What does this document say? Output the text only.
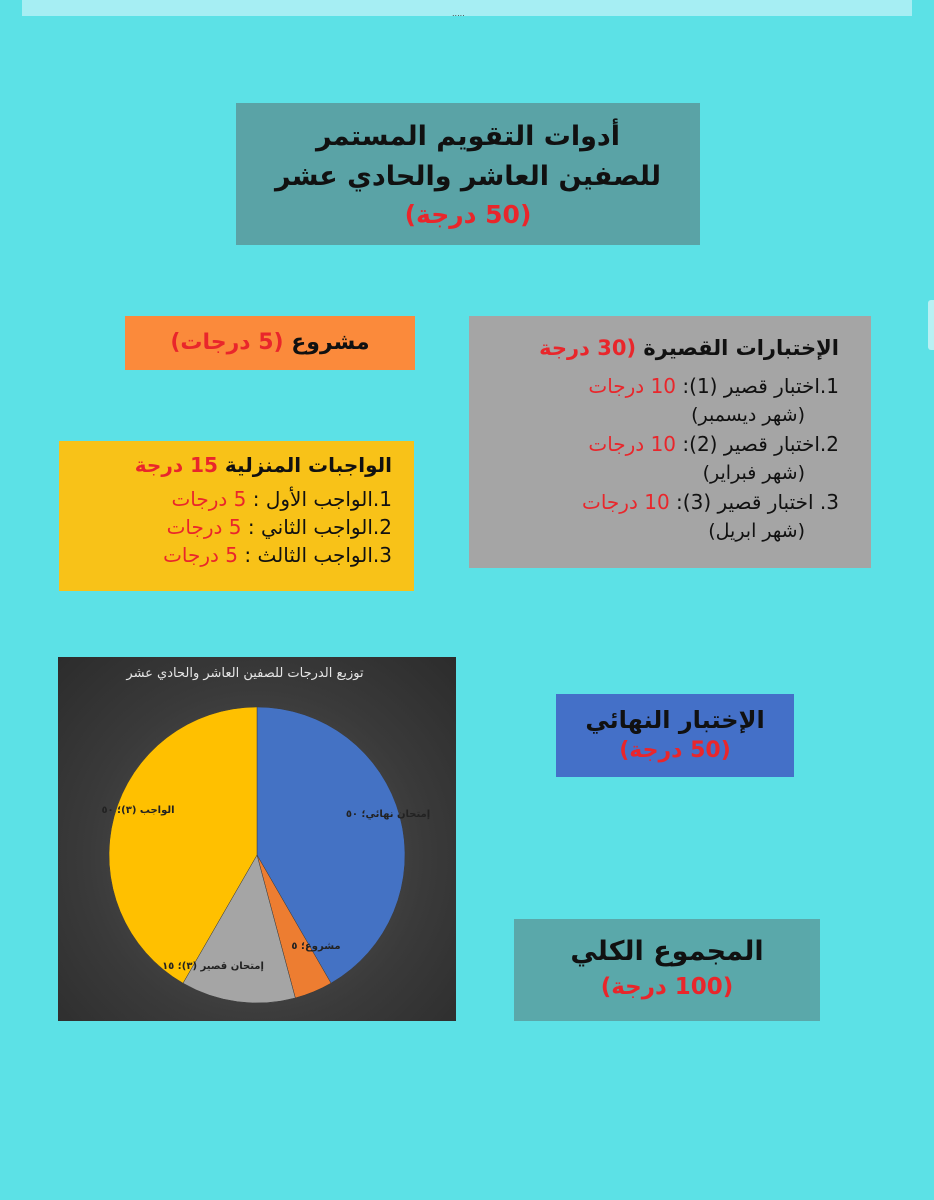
.....
أدوات التقويم المستمر
للصفين العاشر والحادي عشر
(50 درجة)
مشروع (5 درجات)	الإختبارات القصيرة (30 درجة
1.اختبار قصير (1): 10 درجات
(شهر ديسمبر)
2.اختبار قصير (2): 10 درجات
(شهر فبراير)
3. اختبار قصير (3): 10 درجات
(شهر ابريل)
الواجبات المنزلية 15 درجة
1.الواجب الأول : 5 درجات
2.الواجب الثاني : 5 درجات
3.الواجب الثالث : 5 درجات
توزيع الدرجات للصفين العاشر والحادي عشر
إمتحان نهائي؛ ٥٠
مشروع؛ ٥
إمتحان قصير (٣)؛ ١٥
الواجب (٣)؛ ٥٠
الإختبار النهائي
(50 درجة)
المجموع الكلي
(100 درجة)
